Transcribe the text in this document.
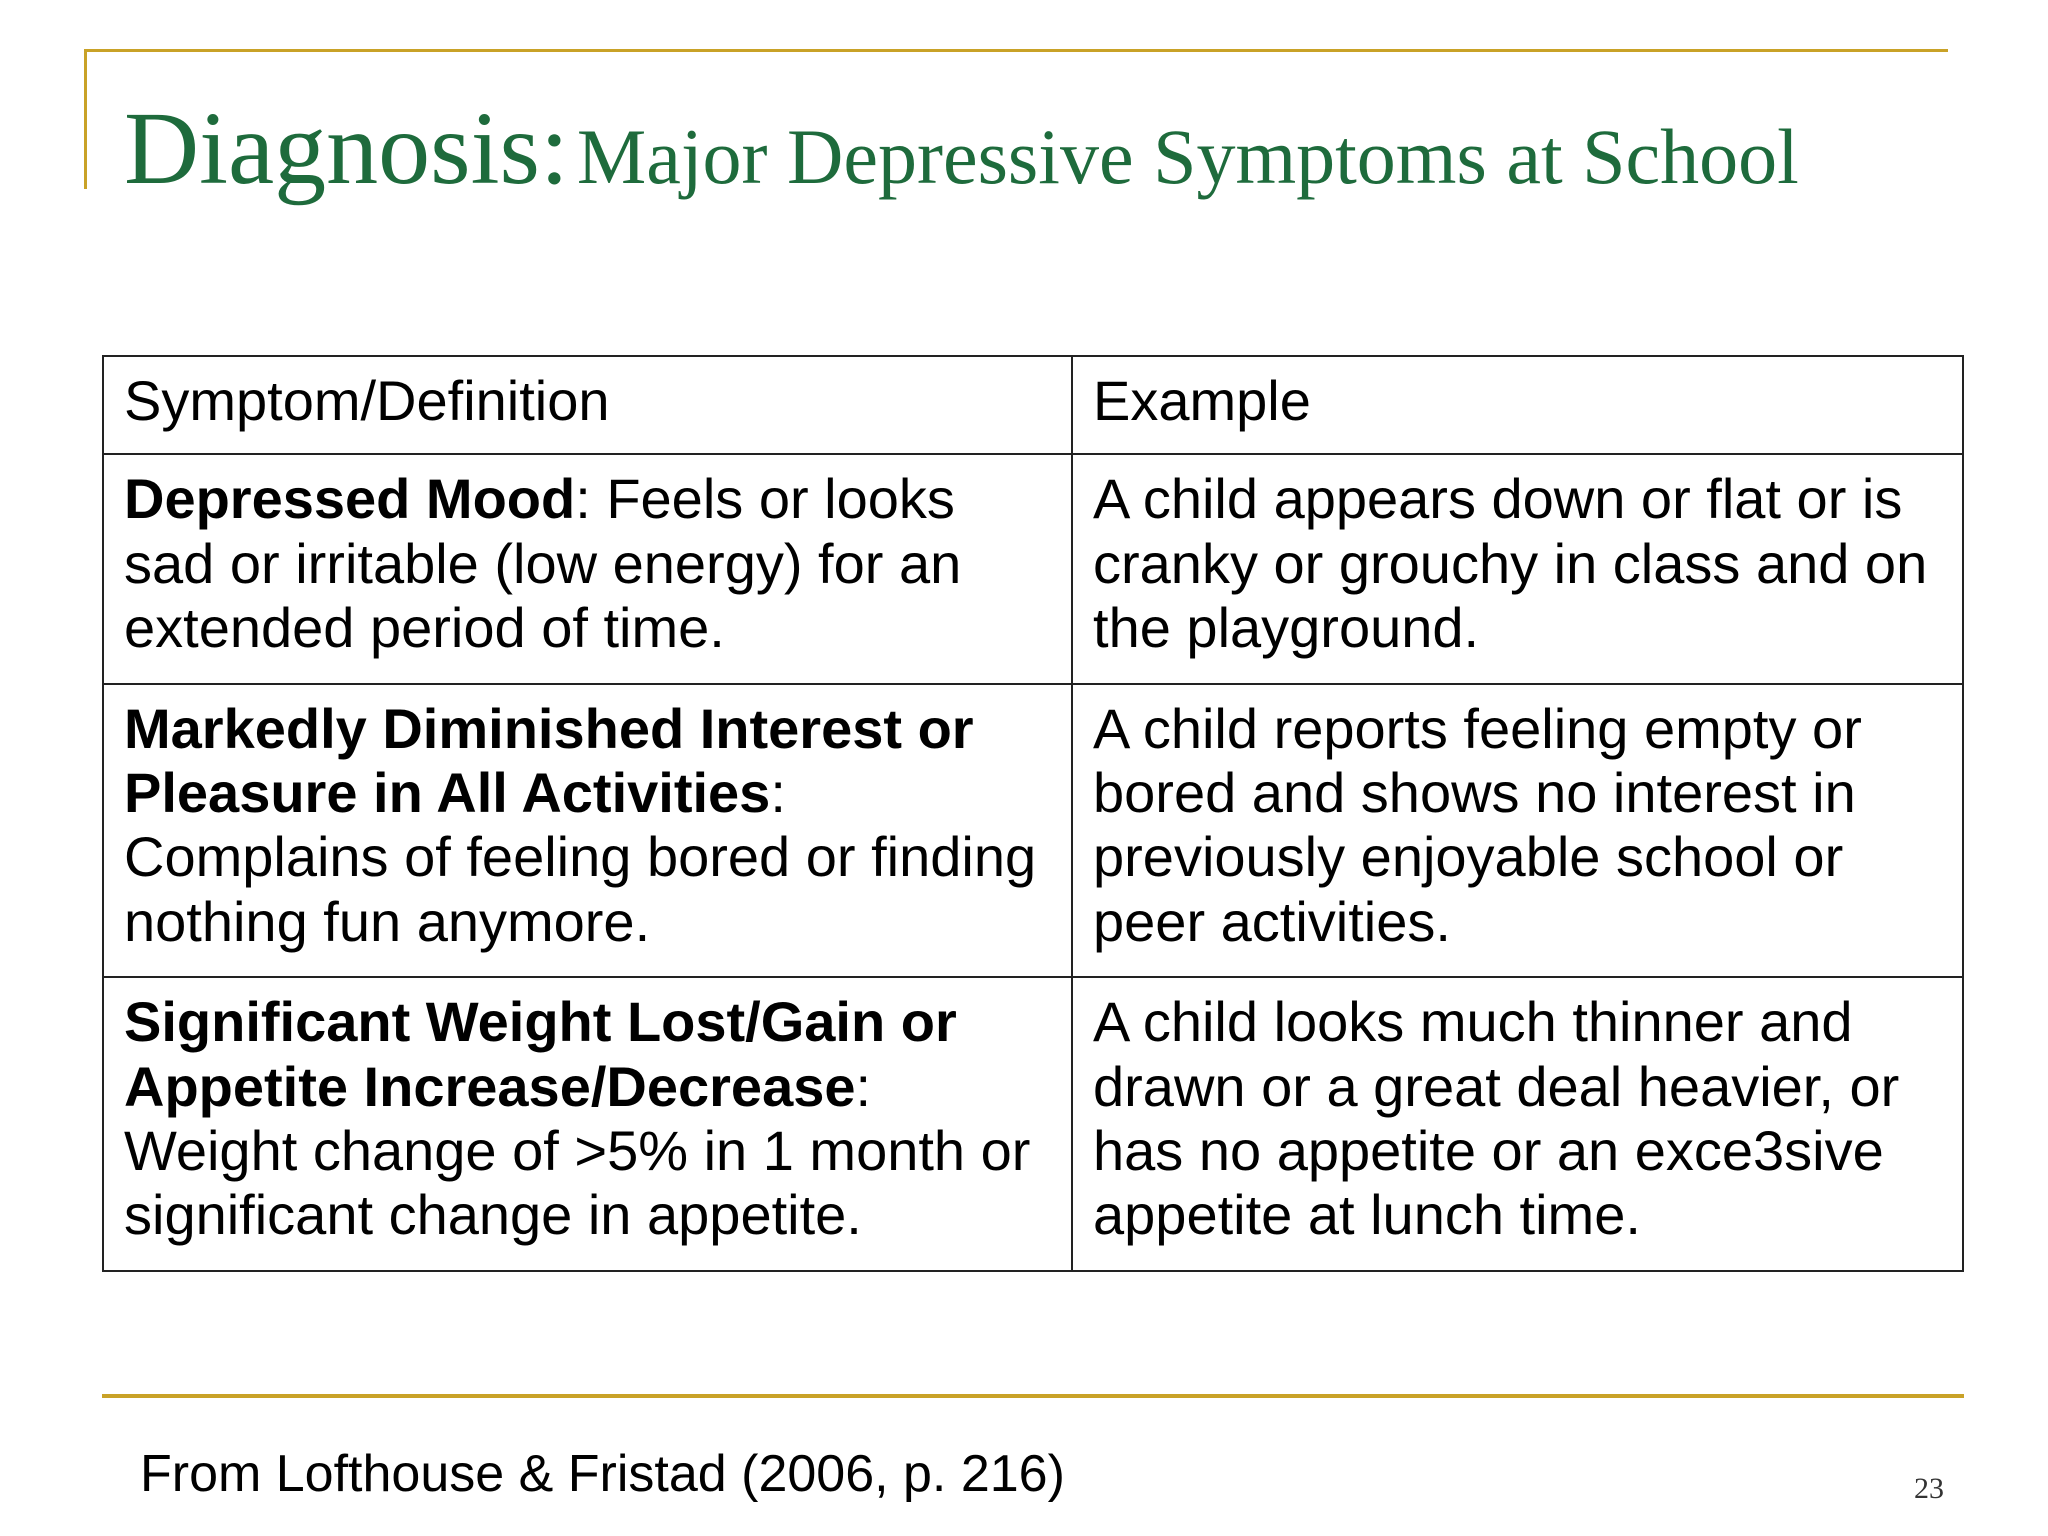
Diagnosis: Major Depressive Symptoms at School
Symptom/Definition	Example
Depressed Mood: Feels or looks sad or irritable (low energy) for an extended period of time.	A child appears down or flat or is cranky or grouchy in class and on the playground.
Markedly Diminished Interest or Pleasure in All Activities: Complains of feeling bored or finding nothing fun anymore.	A child reports feeling empty or bored and shows no interest in previously enjoyable school or peer activities.
Significant Weight Lost/Gain or Appetite Increase/Decrease: Weight change of >5% in 1 month or significant change in appetite.	A child looks much thinner and drawn or a great deal heavier, or has no appetite or an exce3sive appetite at lunch time.
From Lofthouse & Fristad (2006, p. 216)	23
